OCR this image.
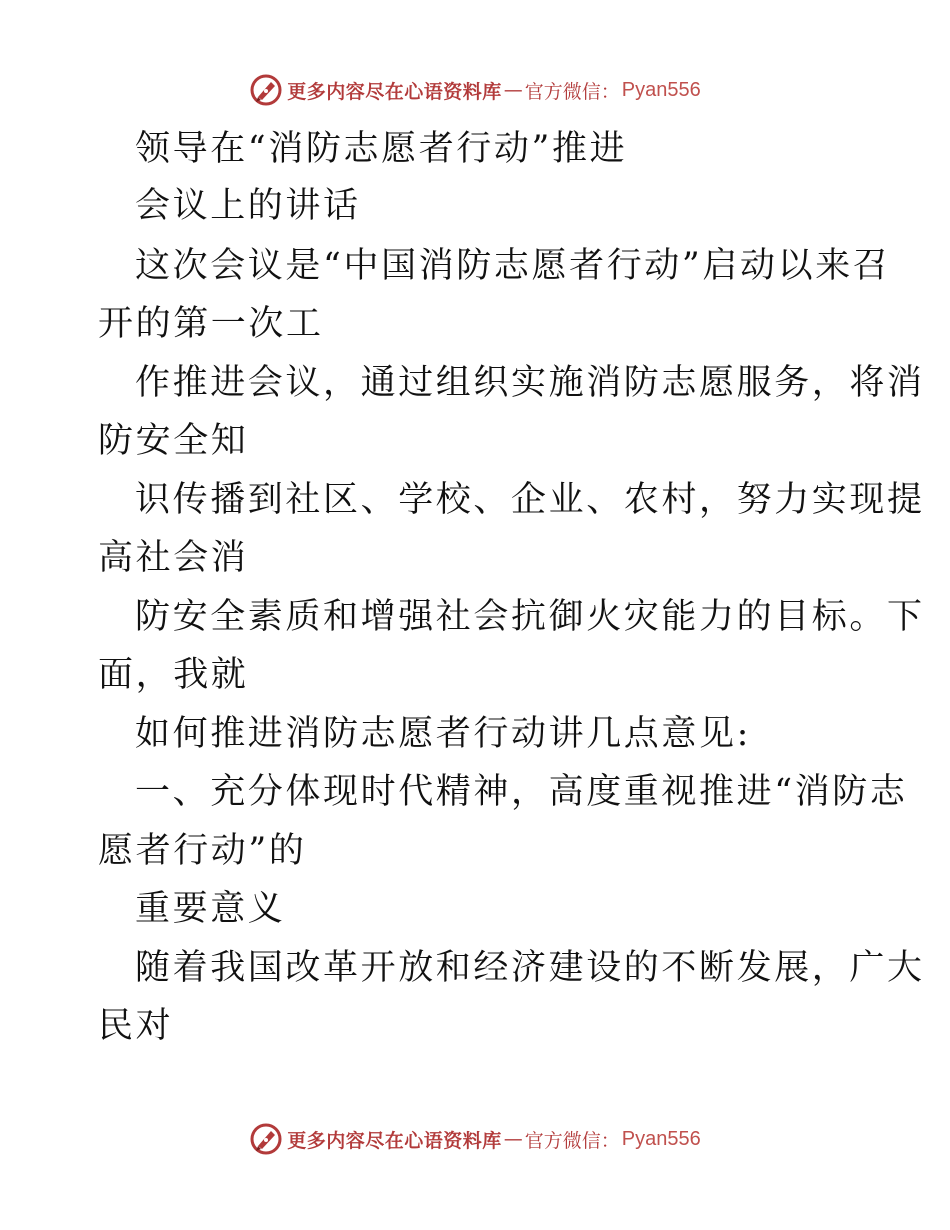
更多内容尽在心语资料库 — 官方微信： Pyan556
领导在“消防志愿者行动”推进
会议上的讲话
这次会议是“中国消防志愿者行动”启动以来召
开的第一次工
作推进会议，通过组织实施消防志愿服务，将消
防安全知
识传播到社区、学校、企业、农村，努力实现提
高社会消
防安全素质和增强社会抗御火灾能力的目标。下
面，我就
如何推进消防志愿者行动讲几点意见:
一、充分体现时代精神，高度重视推进“消防志
愿者行动”的
重要意义
随着我国改革开放和经济建设的不断发展，广大
民对
更多内容尽在心语资料库 — 官方微信： Pyan556
